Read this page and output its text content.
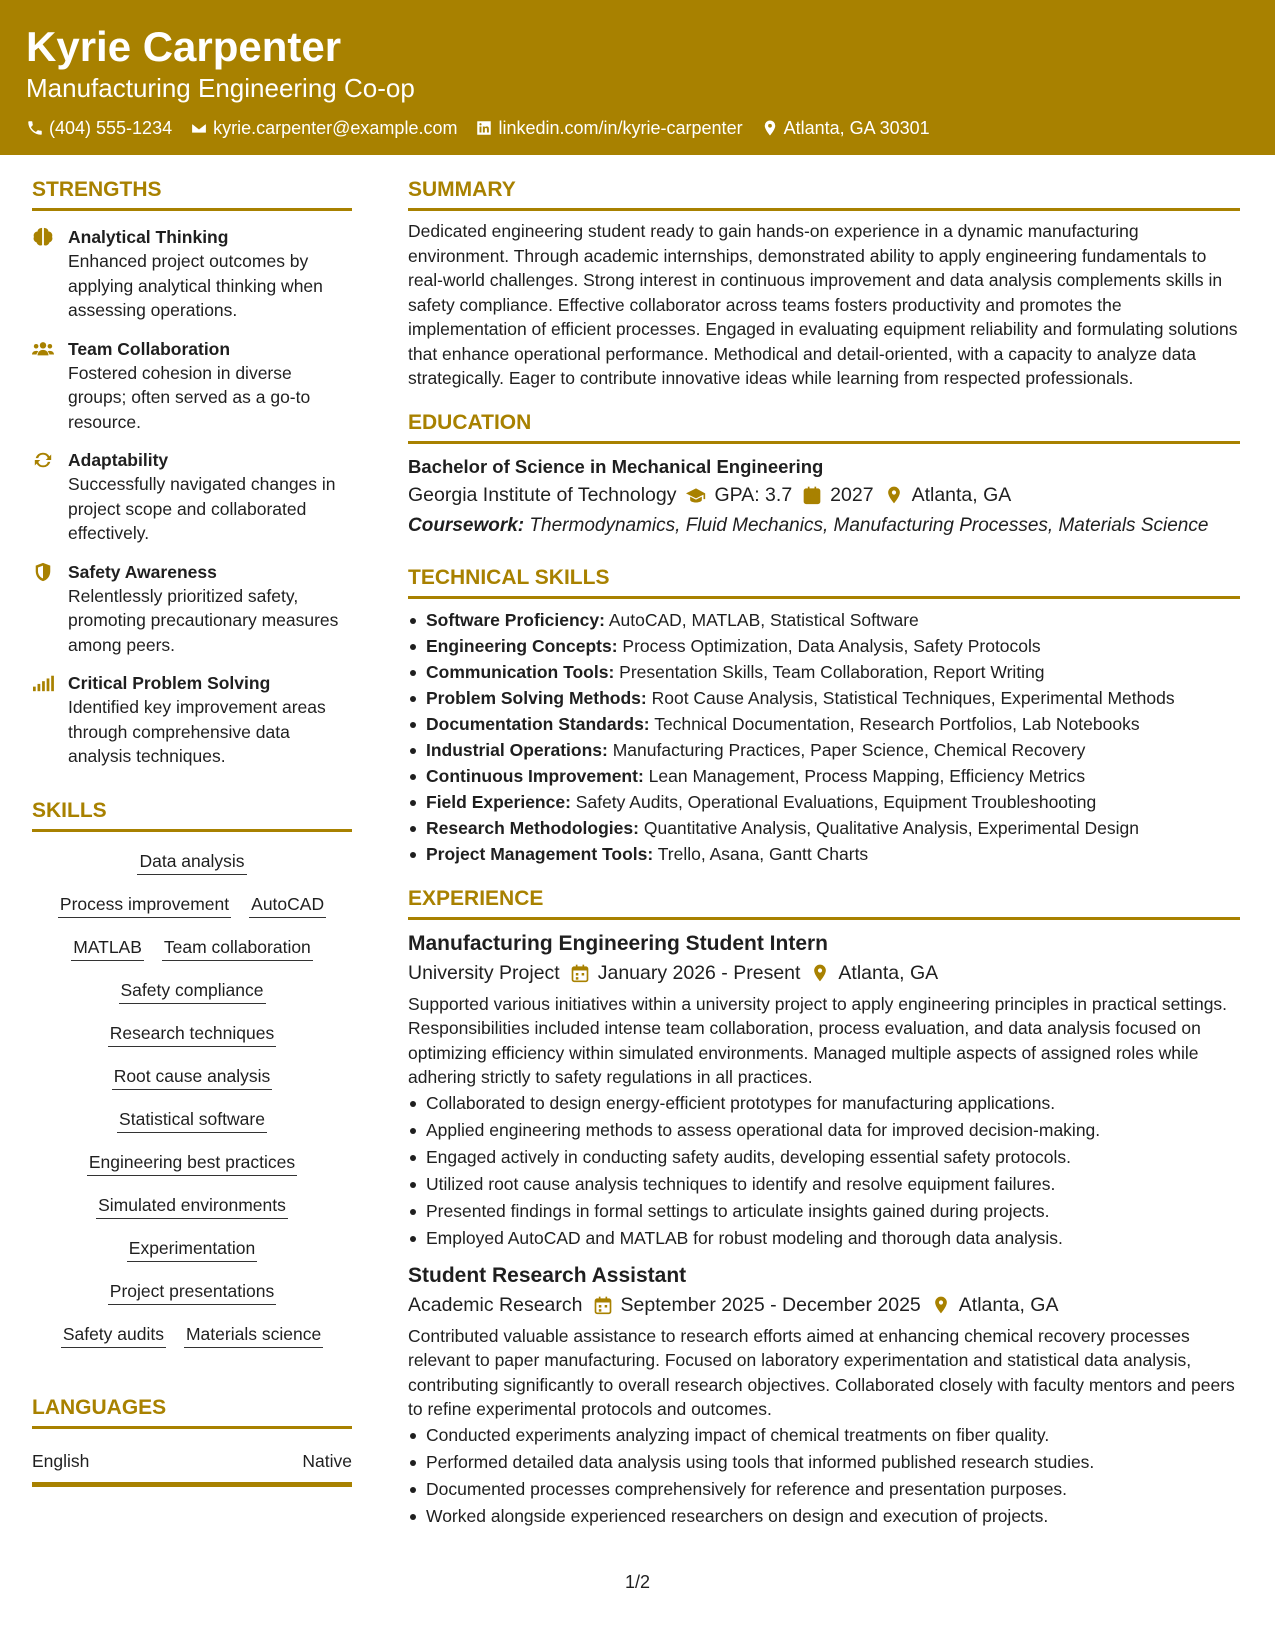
Kyrie Carpenter
Manufacturing Engineering Co-op
(404) 555-1234 kyrie.carpenter@example.com linkedin.com/in/kyrie-carpenter Atlanta, GA 30301
STRENGTHS
Analytical Thinking
Enhanced project outcomes by applying analytical thinking when assessing operations.
Team Collaboration
Fostered cohesion in diverse groups; often served as a go-to resource.
Adaptability
Successfully navigated changes in project scope and collaborated effectively.
Safety Awareness
Relentlessly prioritized safety, promoting precautionary measures among peers.
Critical Problem Solving
Identified key improvement areas through comprehensive data analysis techniques.
SKILLS
Data analysis
Process improvement AutoCAD
MATLAB Team collaboration
Safety compliance
Research techniques
Root cause analysis
Statistical software
Engineering best practices
Simulated environments
Experimentation
Project presentations
Safety audits Materials science
LANGUAGES
English	Native
SUMMARY
Dedicated engineering student ready to gain hands-on experience in a dynamic manufacturing environment. Through academic internships, demonstrated ability to apply engineering fundamentals to real-world challenges. Strong interest in continuous improvement and data analysis complements skills in safety compliance. Effective collaborator across teams fosters productivity and promotes the implementation of efficient processes. Engaged in evaluating equipment reliability and formulating solutions that enhance operational performance. Methodical and detail-oriented, with a capacity to analyze data strategically. Eager to contribute innovative ideas while learning from respected professionals.
EDUCATION
Bachelor of Science in Mechanical Engineering
Georgia Institute of Technology GPA: 3.7 2027 Atlanta, GA
Coursework: Thermodynamics, Fluid Mechanics, Manufacturing Processes, Materials Science
TECHNICAL SKILLS
Software Proficiency: AutoCAD, MATLAB, Statistical Software
Engineering Concepts: Process Optimization, Data Analysis, Safety Protocols
Communication Tools: Presentation Skills, Team Collaboration, Report Writing
Problem Solving Methods: Root Cause Analysis, Statistical Techniques, Experimental Methods
Documentation Standards: Technical Documentation, Research Portfolios, Lab Notebooks
Industrial Operations: Manufacturing Practices, Paper Science, Chemical Recovery
Continuous Improvement: Lean Management, Process Mapping, Efficiency Metrics
Field Experience: Safety Audits, Operational Evaluations, Equipment Troubleshooting
Research Methodologies: Quantitative Analysis, Qualitative Analysis, Experimental Design
Project Management Tools: Trello, Asana, Gantt Charts
EXPERIENCE
Manufacturing Engineering Student Intern
University Project January 2026 - Present Atlanta, GA
Supported various initiatives within a university project to apply engineering principles in practical settings. Responsibilities included intense team collaboration, process evaluation, and data analysis focused on optimizing efficiency within simulated environments. Managed multiple aspects of assigned roles while adhering strictly to safety regulations in all practices.
Collaborated to design energy-efficient prototypes for manufacturing applications.
Applied engineering methods to assess operational data for improved decision-making.
Engaged actively in conducting safety audits, developing essential safety protocols.
Utilized root cause analysis techniques to identify and resolve equipment failures.
Presented findings in formal settings to articulate insights gained during projects.
Employed AutoCAD and MATLAB for robust modeling and thorough data analysis.
Student Research Assistant
Academic Research September 2025 - December 2025 Atlanta, GA
Contributed valuable assistance to research efforts aimed at enhancing chemical recovery processes relevant to paper manufacturing. Focused on laboratory experimentation and statistical data analysis, contributing significantly to overall research objectives. Collaborated closely with faculty mentors and peers to refine experimental protocols and outcomes.
Conducted experiments analyzing impact of chemical treatments on fiber quality.
Performed detailed data analysis using tools that informed published research studies.
Documented processes comprehensively for reference and presentation purposes.
Worked alongside experienced researchers on design and execution of projects.
1/2
